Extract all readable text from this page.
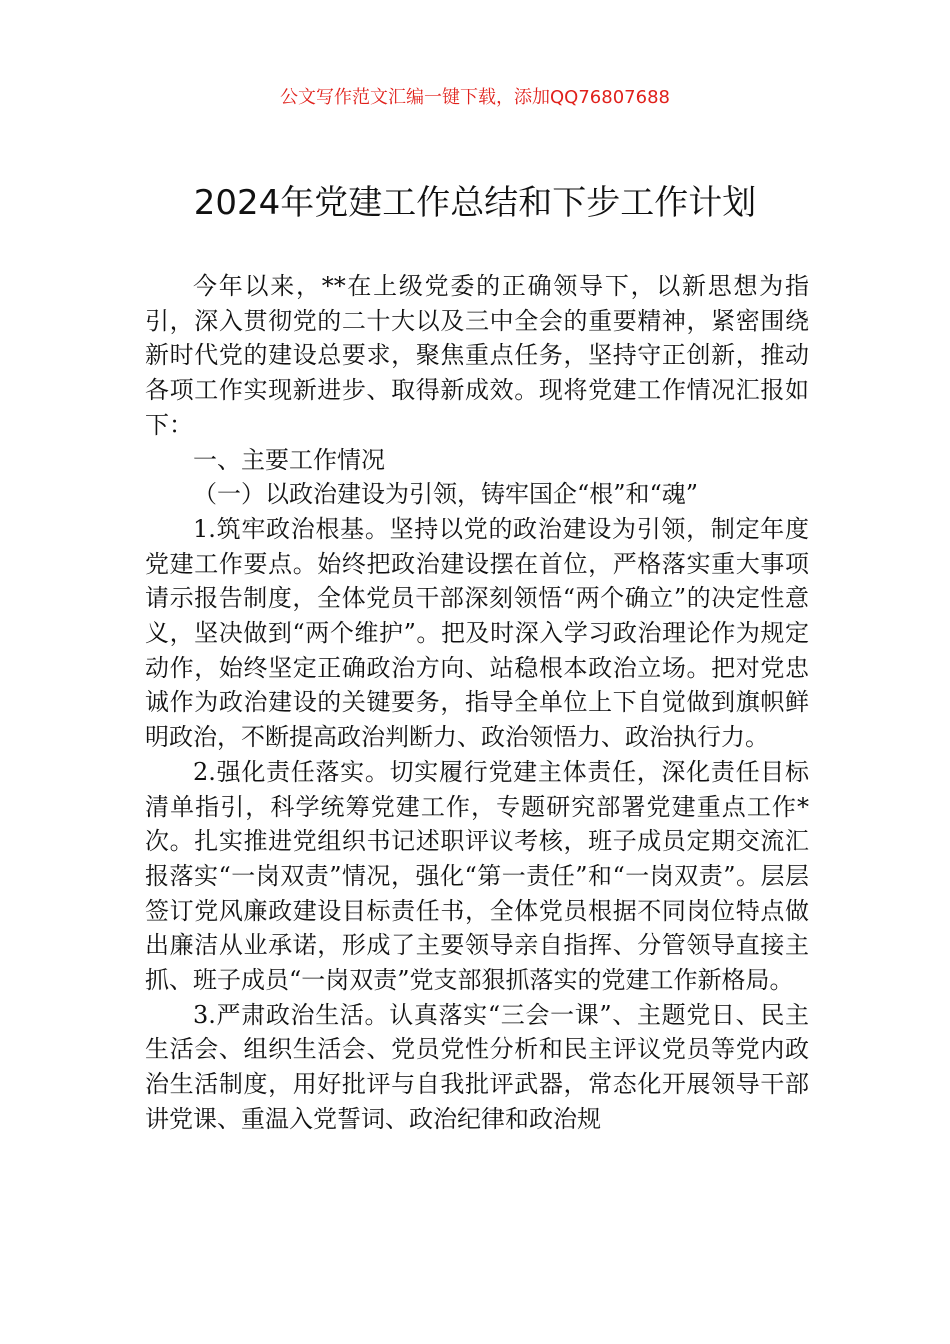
公文写作范文汇编一键下载，添加QQ76807688
2024年党建工作总结和下步工作计划

今年以来，**在上级党委的正确领导下，以新思想为指引，深入贯彻党的二十大以及三中全会的重要精神，紧密围绕新时代党的建设总要求，聚焦重点任务，坚持守正创新，推动各项工作实现新进步、取得新成效。现将党建工作情况汇报如下：

一、主要工作情况

（一）以政治建设为引领，铸牢国企“根”和“魂”

1.筑牢政治根基。坚持以党的政治建设为引领，制定年度党建工作要点。始终把政治建设摆在首位，严格落实重大事项请示报告制度，全体党员干部深刻领悟“两个确立”的决定性意义，坚决做到“两个维护”。把及时深入学习政治理论作为规定动作，始终坚定正确政治方向、站稳根本政治立场。把对党忠诚作为政治建设的关键要务，指导全单位上下自觉做到旗帜鲜明政治，不断提高政治判断力、政治领悟力、政治执行力。

2.强化责任落实。切实履行党建主体责任，深化责任目标清单指引，科学统筹党建工作，专题研究部署党建重点工作*次。扎实推进党组织书记述职评议考核，班子成员定期交流汇报落实“一岗双责”情况，强化“第一责任”和“一岗双责”。层层签订党风廉政建设目标责任书，全体党员根据不同岗位特点做出廉洁从业承诺，形成了主要领导亲自指挥、分管领导直接主抓、班子成员“一岗双责”党支部狠抓落实的党建工作新格局。

3.严肃政治生活。认真落实“三会一课”、主题党日、民主生活会、组织生活会、党员党性分析和民主评议党员等党内政治生活制度，用好批评与自我批评武器，常态化开展领导干部讲党课、重温入党誓词、政治纪律和政治规
